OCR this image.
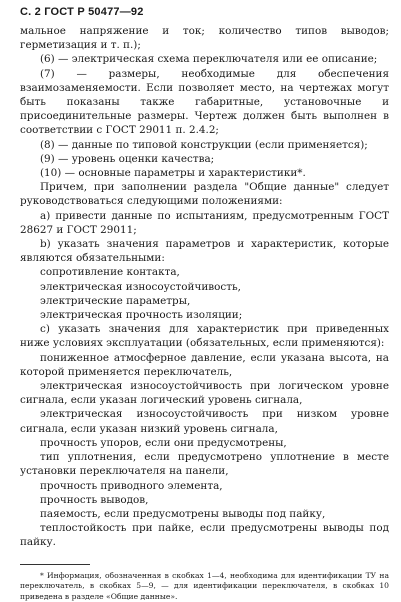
С. 2 ГОСТ Р 50477—92

мальное напряжение и ток; количество типов выводов; герметизация и т. п.);

(6) — электрическая схема переключателя или ее описание;

(7) — размеры, необходимые для обеспечения взаимозаменяемости. Если позволяет место, на чертежах могут быть показаны также габаритные, установочные и присоединительные размеры. Чертеж должен быть выполнен в соответствии с ГОСТ 29011 п. 2.4.2;

(8) — данные по типовой конструкции (если применяется);

(9) — уровень оценки качества;

(10) — основные параметры и характеристики*.

Причем, при заполнении раздела "Общие данные" следует руководствоваться следующими положениями:

а) привести данные по испытаниям, предусмотренным ГОСТ 28627 и ГОСТ 29011;

b) указать значения параметров и характеристик, которые являются обязательными:

сопротивление контакта,

электрическая износоустойчивость,

электрические параметры,

электрическая прочность изоляции;

с) указать значения для характеристик при приведенных ниже условиях эксплуатации (обязательных, если применяются):

пониженное атмосферное давление, если указана высота, на которой применяется переключатель,

электрическая износоустойчивость при логическом уровне сигнала, если указан логический уровень сигнала,

электрическая износоустойчивость при низком уровне сигнала, если указан низкий уровень сигнала,

прочность упоров, если они предусмотрены,

тип уплотнения, если предусмотрено уплотнение в месте установки переключателя на панели,

прочность приводного элемента,

прочность выводов,

паяемость, если предусмотрены выводы под пайку,

теплостойкость при пайке, если предусмотрены выводы под пайку.

* Информация, обозначенная в скобках 1—4, необходима для идентификации ТУ на переключатель, в скобках 5—9, — для идентификации переключателя, в скобках 10 приведена в разделе «Общие данные».
